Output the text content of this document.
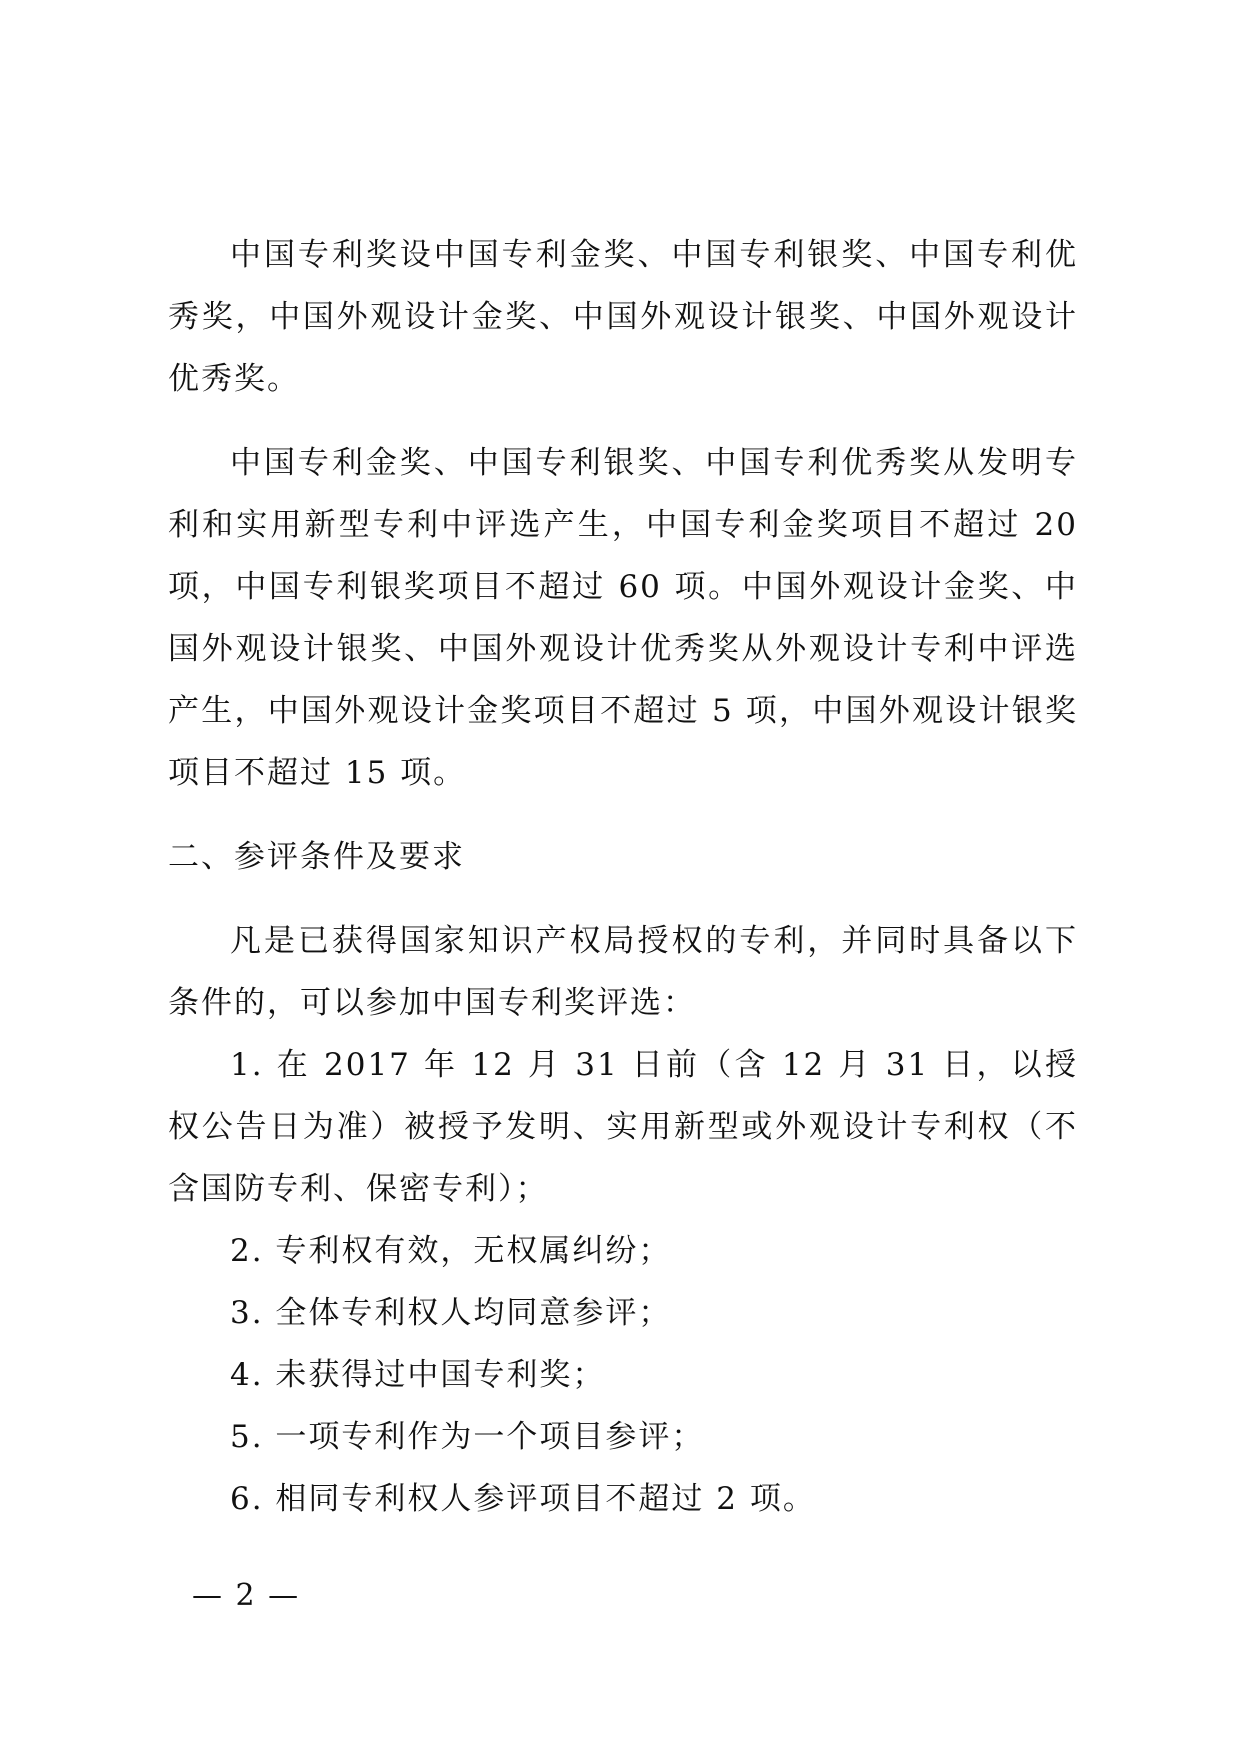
中国专利奖设中国专利金奖、中国专利银奖、中国专利优秀奖，中国外观设计金奖、中国外观设计银奖、中国外观设计优秀奖。

中国专利金奖、中国专利银奖、中国专利优秀奖从发明专利和实用新型专利中评选产生，中国专利金奖项目不超过 20 项，中国专利银奖项目不超过 60 项。中国外观设计金奖、中国外观设计银奖、中国外观设计优秀奖从外观设计专利中评选产生，中国外观设计金奖项目不超过 5 项，中国外观设计银奖项目不超过 15 项。

二、参评条件及要求

凡是已获得国家知识产权局授权的专利，并同时具备以下条件的，可以参加中国专利奖评选：

1. 在 2017 年 12 月 31 日前（含 12 月 31 日，以授权公告日为准）被授予发明、实用新型或外观设计专利权（不含国防专利、保密专利）；

2. 专利权有效，无权属纠纷；

3. 全体专利权人均同意参评；

4. 未获得过中国专利奖；

5. 一项专利作为一个项目参评；

6. 相同专利权人参评项目不超过 2 项。

— 2 —
